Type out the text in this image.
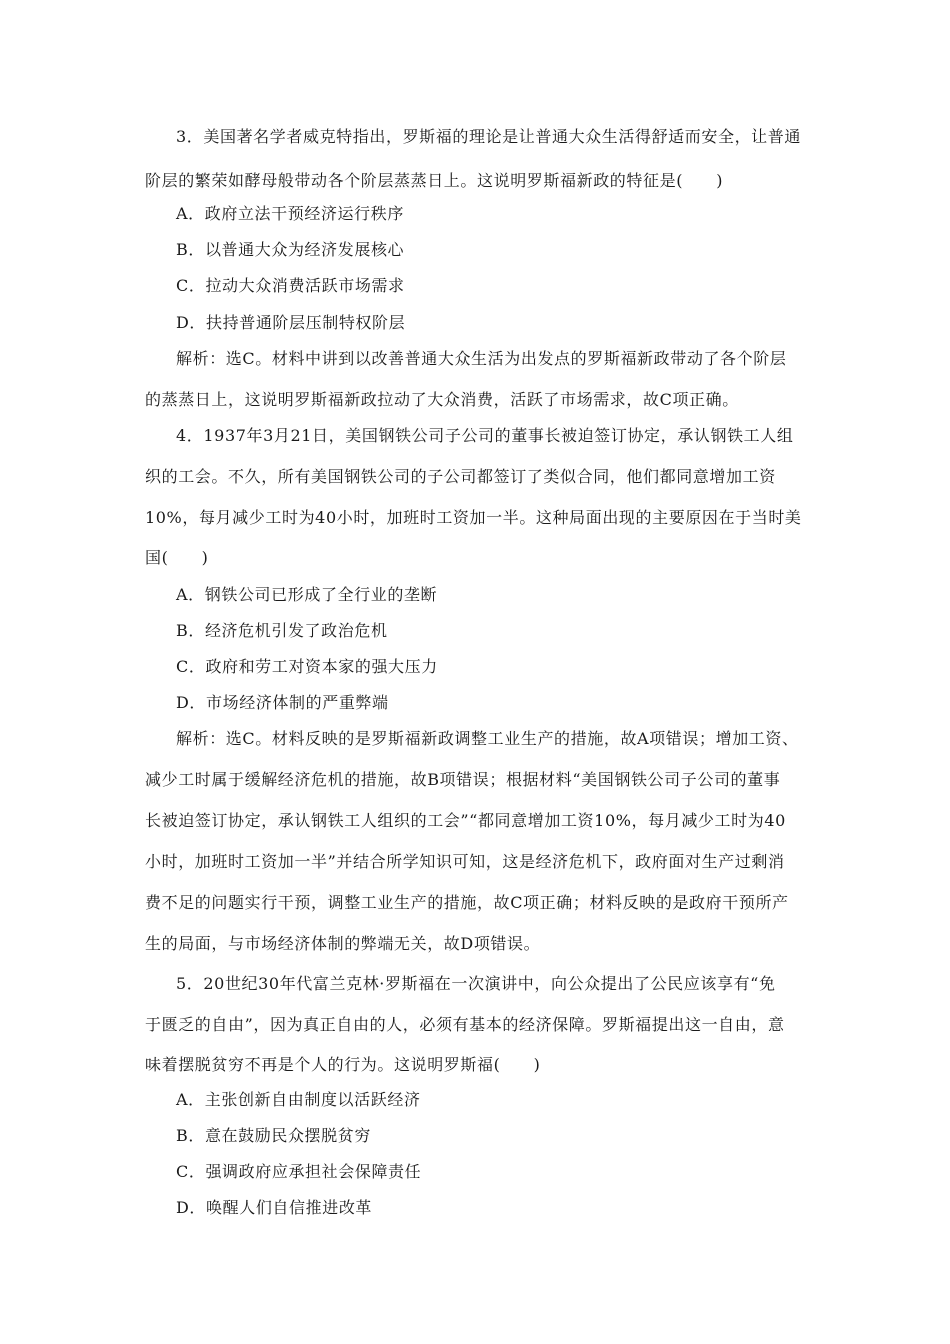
3．美国著名学者威克特指出，罗斯福的理论是让普通大众生活得舒适而安全，让普通
阶层的繁荣如酵母般带动各个阶层蒸蒸日上。这说明罗斯福新政的特征是(　　)
A．政府立法干预经济运行秩序
B．以普通大众为经济发展核心
C．拉动大众消费活跃市场需求
D．扶持普通阶层压制特权阶层
解析：选C。材料中讲到以改善普通大众生活为出发点的罗斯福新政带动了各个阶层
的蒸蒸日上，这说明罗斯福新政拉动了大众消费，活跃了市场需求，故C项正确。
4．1937年3月21日，美国钢铁公司子公司的董事长被迫签订协定，承认钢铁工人组
织的工会。不久，所有美国钢铁公司的子公司都签订了类似合同，他们都同意增加工资
10%，每月减少工时为40小时，加班时工资加一半。这种局面出现的主要原因在于当时美
国(　　)
A．钢铁公司已形成了全行业的垄断
B．经济危机引发了政治危机
C．政府和劳工对资本家的强大压力
D．市场经济体制的严重弊端
解析：选C。材料反映的是罗斯福新政调整工业生产的措施，故A项错误；增加工资、
减少工时属于缓解经济危机的措施，故B项错误；根据材料“美国钢铁公司子公司的董事
长被迫签订协定，承认钢铁工人组织的工会”“都同意增加工资10%，每月减少工时为40
小时，加班时工资加一半”并结合所学知识可知，这是经济危机下，政府面对生产过剩消
费不足的问题实行干预，调整工业生产的措施，故C项正确；材料反映的是政府干预所产
生的局面，与市场经济体制的弊端无关，故D项错误。
5．20世纪30年代富兰克林·罗斯福在一次演讲中，向公众提出了公民应该享有“免
于匮乏的自由”，因为真正自由的人，必须有基本的经济保障。罗斯福提出这一自由，意
味着摆脱贫穷不再是个人的行为。这说明罗斯福(　　)
A．主张创新自由制度以活跃经济
B．意在鼓励民众摆脱贫穷
C．强调政府应承担社会保障责任
D．唤醒人们自信推进改革
